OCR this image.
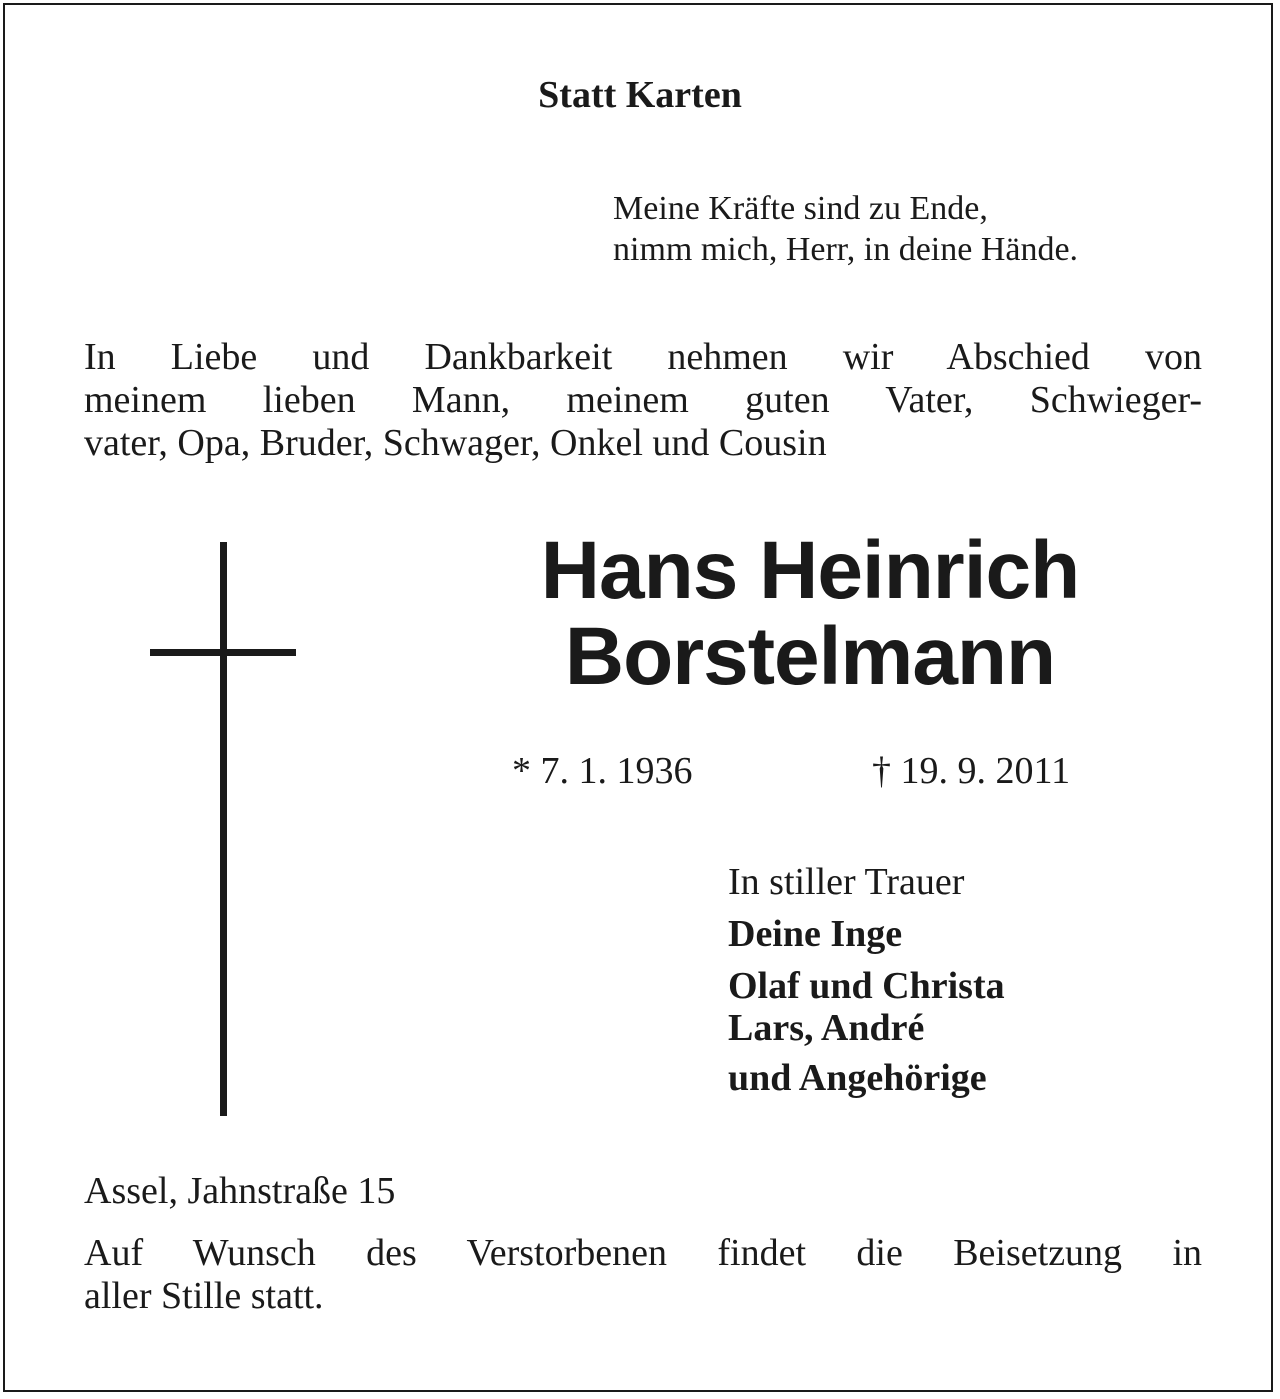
Statt Karten
Meine Kräfte sind zu Ende,
nimm mich, Herr, in deine Hände.
In Liebe und Dankbarkeit nehmen wir Abschied von
meinem lieben Mann, meinem guten Vater, Schwieger-
vater, Opa, Bruder, Schwager, Onkel und Cousin
Hans Heinrich
Borstelmann
* 7. 1. 1936	† 19. 9. 2011
In stiller Trauer
Deine Inge
Olaf und Christa
Lars, André
und Angehörige
Assel, Jahnstraße 15
Auf Wunsch des Verstorbenen findet die Beisetzung in
aller Stille statt.
